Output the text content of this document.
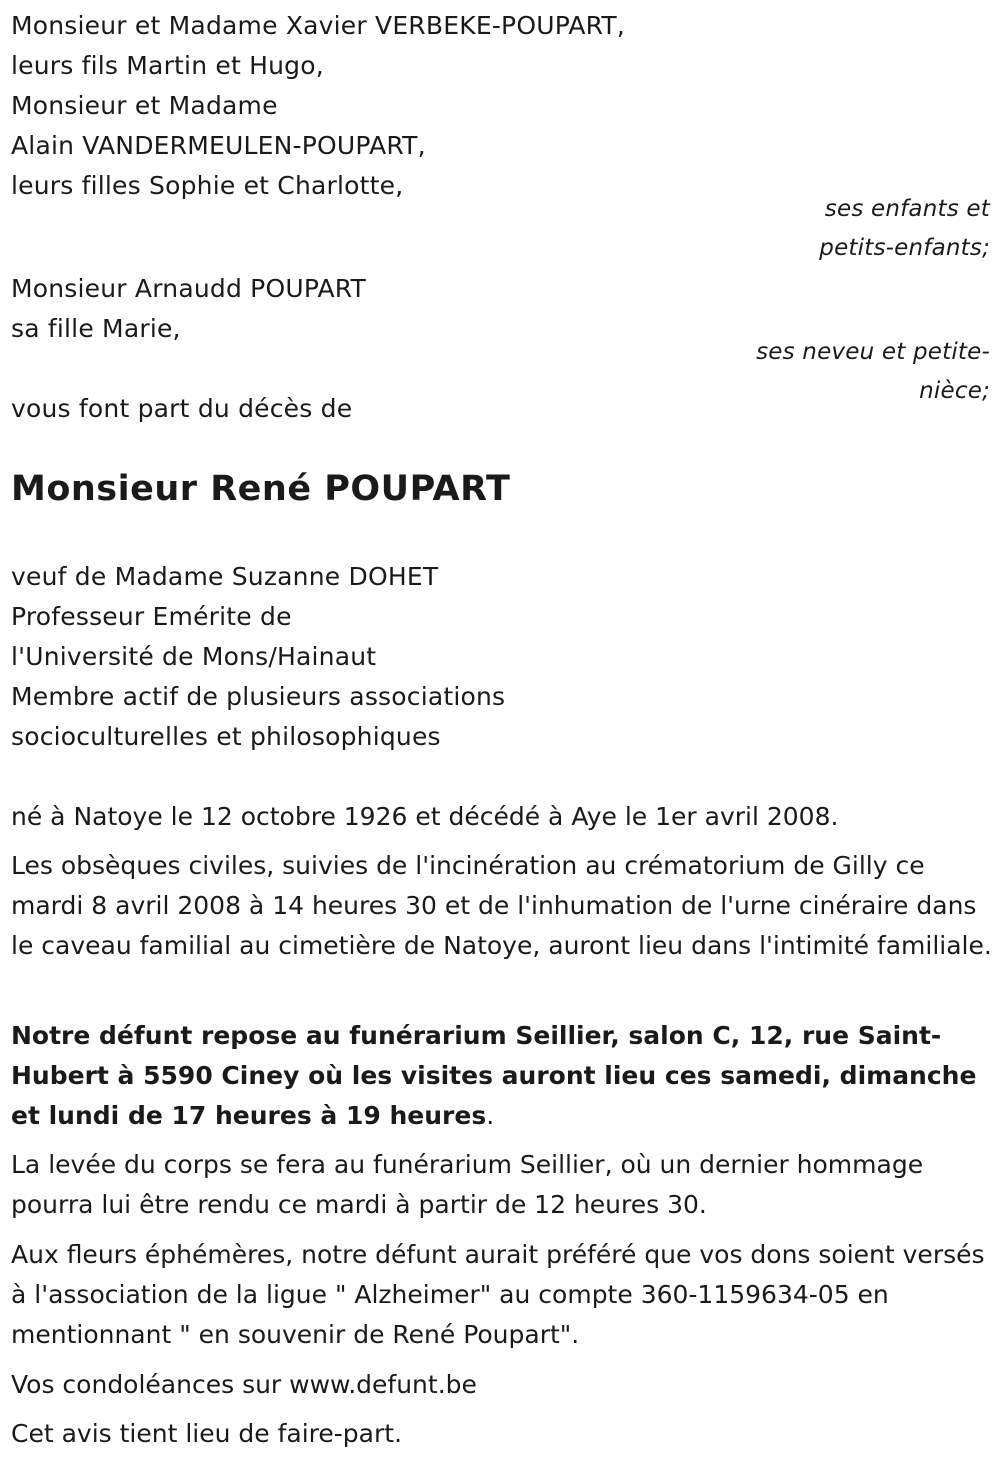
Monsieur et Madame Xavier VERBEKE-POUPART,
leurs fils Martin et Hugo,
Monsieur et Madame
Alain VANDERMEULEN-POUPART,
leurs filles Sophie et Charlotte,
ses enfants et
petits-enfants;
Monsieur Arnaudd POUPART
sa fille Marie,
ses neveu et petite-
nièce;
vous font part du décès de
Monsieur René POUPART
veuf de Madame Suzanne DOHET
Professeur Emérite de
l'Université de Mons/Hainaut
Membre actif de plusieurs associations
socioculturelles et philosophiques
né à Natoye le 12 octobre 1926 et décédé à Aye le 1er avril 2008.
Les obsèques civiles, suivies de l'incinération au crématorium de Gilly ce mardi 8 avril 2008 à 14 heures 30 et de l'inhumation de l'urne cinéraire dans le caveau familial au cimetière de Natoye, auront lieu dans l'intimité familiale.
Notre défunt repose au funérarium Seillier, salon C, 12, rue Saint-Hubert à 5590 Ciney où les visites auront lieu ces samedi, dimanche et lundi de 17 heures à 19 heures.
La levée du corps se fera au funérarium Seillier, où un dernier hommage pourra lui être rendu ce mardi à partir de 12 heures 30.
Aux fleurs éphémères, notre défunt aurait préféré que vos dons soient versés à l'association de la ligue " Alzheimer" au compte 360-1159634-05 en mentionnant " en souvenir de René Poupart".
Vos condoléances sur www.defunt.be
Cet avis tient lieu de faire-part.
